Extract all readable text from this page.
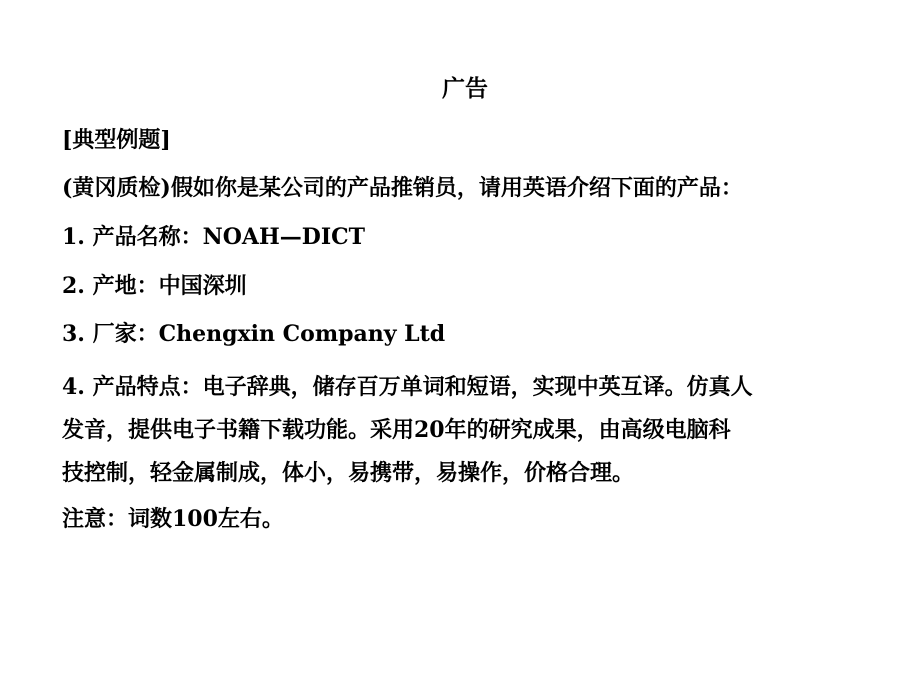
广告
[典型例题]
(黄冈质检)假如你是某公司的产品推销员，请用英语介绍下面的产品：
1. 产品名称：NOAH—DICT
2. 产地：中国深圳
3. 厂家：Chengxin Company Ltd
4. 产品特点：电子辞典，储存百万单词和短语，实现中英互译。仿真人
发音，提供电子书籍下载功能。采用20年的研究成果，由高级电脑科
技控制，轻金属制成，体小，易携带，易操作，价格合理。
注意：词数100左右。
